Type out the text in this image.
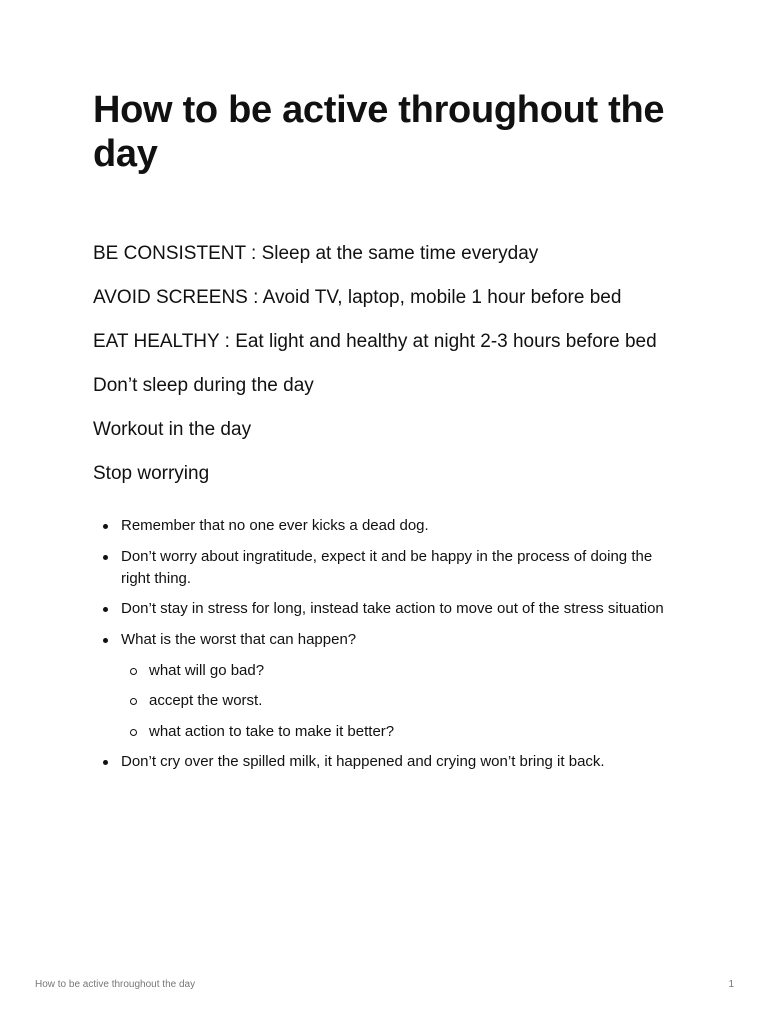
How to be active throughout the day

BE CONSISTENT : Sleep at the same time everyday

AVOID SCREENS : Avoid TV, laptop, mobile 1 hour before bed

EAT HEALTHY : Eat light and healthy at night 2-3 hours before bed

Don’t sleep during the day

Workout in the day

Stop worrying

Remember that no one ever kicks a dead dog.
Don’t worry about ingratitude, expect it and be happy in the process of doing the right thing.
Don’t stay in stress for long, instead take action to move out of the stress situation
What is the worst that can happen?
what will go bad?
accept the worst.
what action to take to make it better?
Don’t cry over the spilled milk, it happened and crying won’t bring it back.
How to be active throughout the day	1
